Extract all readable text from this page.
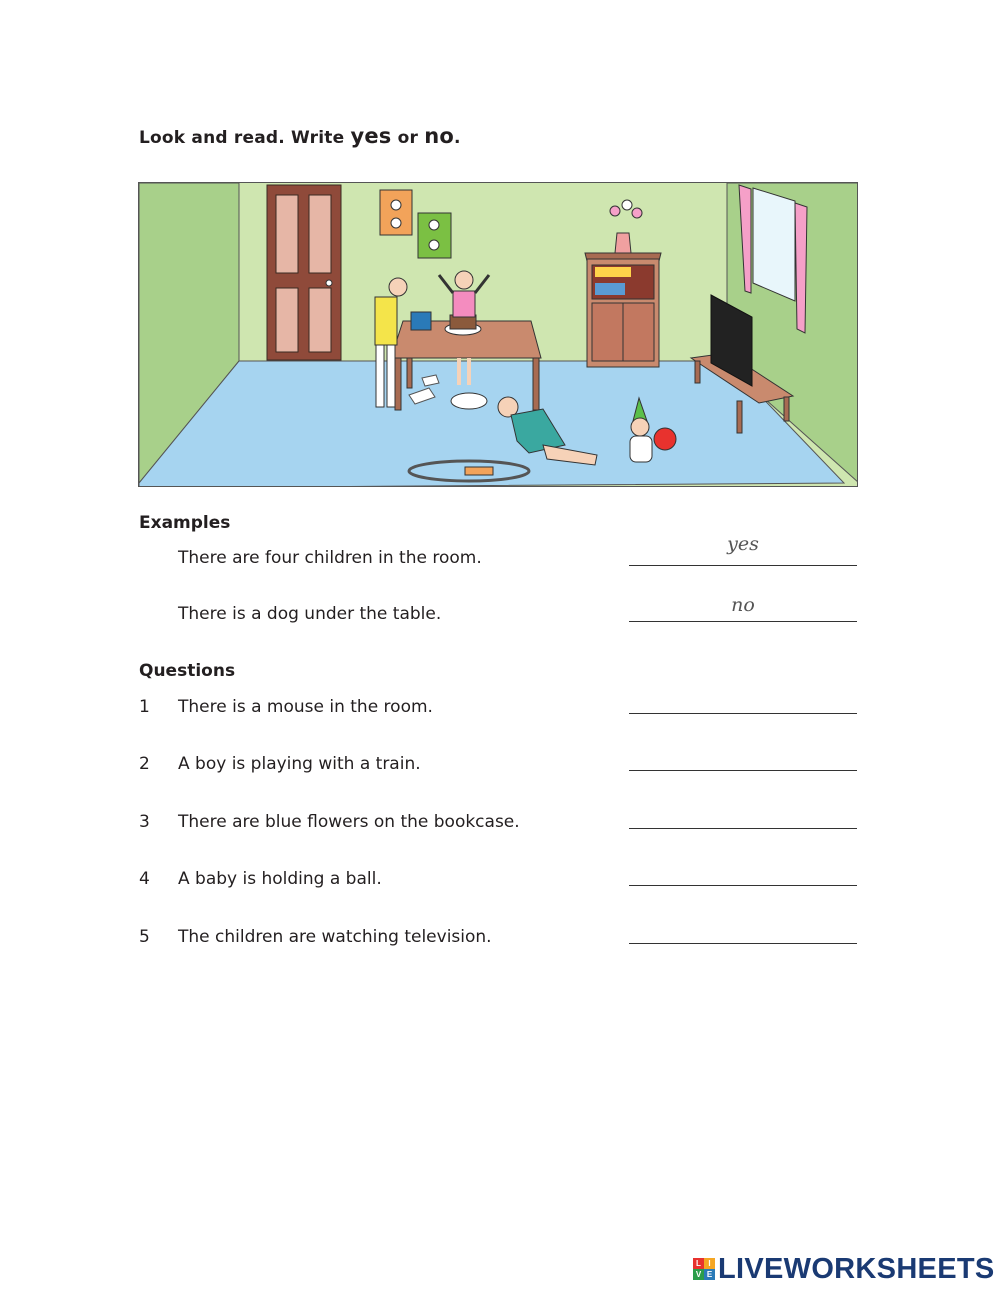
Look and read. Write yes or no.
Examples
There are four children in the room.
yes
There is a dog under the table.	no
Questions
1 There is a mouse in the room.
2 A boy is playing with a train.
3 There are blue flowers on the bookcase.
4 A baby is holding a ball.
5 The children are watching television.
L I
V E LIVEWORKSHEETS
